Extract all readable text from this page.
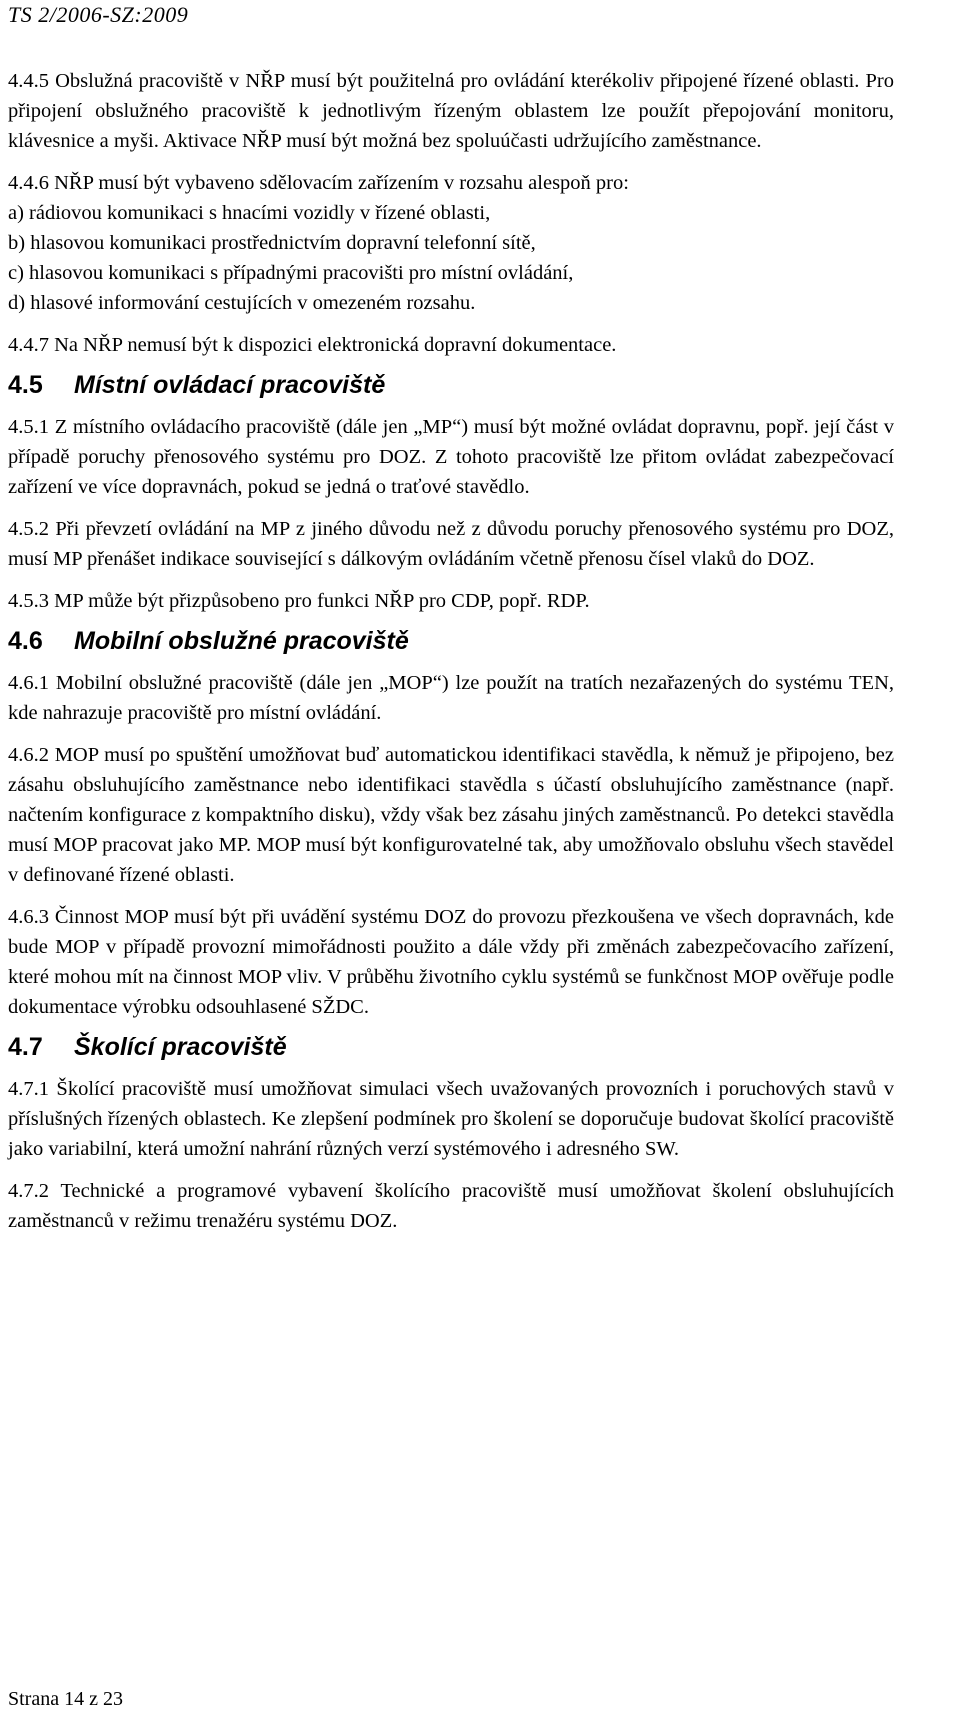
TS 2/2006-SZ:2009

4.4.5 Obslužná pracoviště v NŘP musí být použitelná pro ovládání kterékoliv připojené řízené oblasti. Pro připojení obslužného pracoviště k jednotlivým řízeným oblastem lze použít přepojování monitoru, klávesnice a myši. Aktivace NŘP musí být možná bez spoluúčasti udržujícího zaměstnance.

4.4.6 NŘP musí být vybaveno sdělovacím zařízením v rozsahu alespoň pro:

a) rádiovou komunikaci s hnacími vozidly v řízené oblasti,
b) hlasovou komunikaci prostřednictvím dopravní telefonní sítě,
c) hlasovou komunikaci s případnými pracovišti pro místní ovládání,
d) hlasové informování cestujících v omezeném rozsahu.

4.4.7 Na NŘP nemusí být k dispozici elektronická dopravní dokumentace.

4.5 Místní ovládací pracoviště

4.5.1 Z místního ovládacího pracoviště (dále jen „MP“) musí být možné ovládat dopravnu, popř. její část v případě poruchy přenosového systému pro DOZ. Z tohoto pracoviště lze přitom ovládat zabezpečovací zařízení ve více dopravnách, pokud se jedná o traťové stavědlo.

4.5.2 Při převzetí ovládání na MP z jiného důvodu než z důvodu poruchy přenosového systému pro DOZ, musí MP přenášet indikace související s dálkovým ovládáním včetně přenosu čísel vlaků do DOZ.

4.5.3 MP může být přizpůsobeno pro funkci NŘP pro CDP, popř. RDP.

4.6 Mobilní obslužné pracoviště

4.6.1 Mobilní obslužné pracoviště (dále jen „MOP“) lze použít na tratích nezařazených do systému TEN, kde nahrazuje pracoviště pro místní ovládání.

4.6.2 MOP musí po spuštění umožňovat buď automatickou identifikaci stavědla, k němuž je připojeno, bez zásahu obsluhujícího zaměstnance nebo identifikaci stavědla s účastí obsluhujícího zaměstnance (např. načtením konfigurace z kompaktního disku), vždy však bez zásahu jiných zaměstnanců. Po detekci stavědla musí MOP pracovat jako MP. MOP musí být konfigurovatelné tak, aby umožňovalo obsluhu všech stavědel v definované řízené oblasti.

4.6.3 Činnost MOP musí být při uvádění systému DOZ do provozu přezkoušena ve všech dopravnách, kde bude MOP v případě provozní mimořádnosti použito a dále vždy při změnách zabezpečovacího zařízení, které mohou mít na činnost MOP vliv. V průběhu životního cyklu systémů se funkčnost MOP ověřuje podle dokumentace výrobku odsouhlasené SŽDC.

4.7 Školící pracoviště

4.7.1 Školící pracoviště musí umožňovat simulaci všech uvažovaných provozních i poruchových stavů v příslušných řízených oblastech. Ke zlepšení podmínek pro školení se doporučuje budovat školící pracoviště jako variabilní, která umožní nahrání různých verzí systémového i adresného SW.

4.7.2 Technické a programové vybavení školícího pracoviště musí umožňovat školení obsluhujících zaměstnanců v režimu trenažéru systému DOZ.

Strana 14 z 23
